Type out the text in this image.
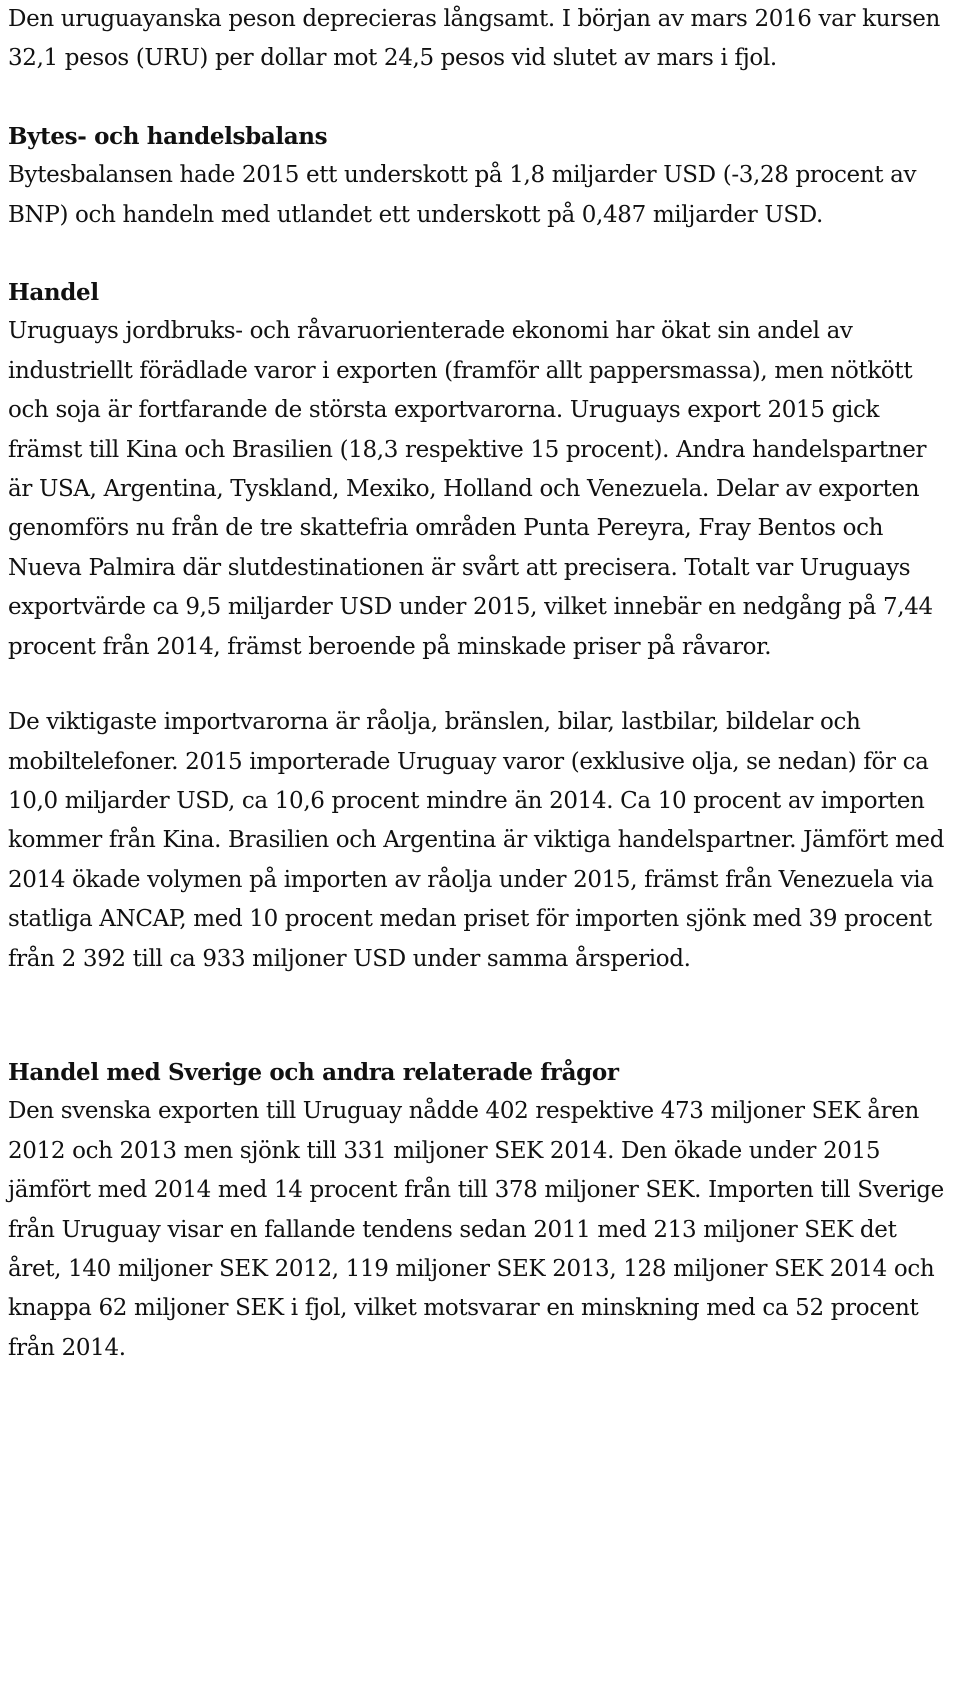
Den uruguayanska peson deprecieras långsamt. I början av mars 2016 var kursen 32,1 pesos (URU) per dollar mot 24,5 pesos vid slutet av mars i fjol.

Bytes- och handelsbalans

Bytesbalansen hade 2015 ett underskott på 1,8 miljarder USD (-3,28 procent av BNP) och handeln med utlandet ett underskott på 0,487 miljarder USD.

Handel

Uruguays jordbruks- och råvaruorienterade ekonomi har ökat sin andel av industriellt förädlade varor i exporten (framför allt pappersmassa), men nötkött och soja är fortfarande de största exportvarorna. Uruguays export 2015 gick främst till Kina och Brasilien (18,3 respektive 15 procent). Andra handelspartner är USA, Argentina, Tyskland, Mexiko, Holland och Venezuela. Delar av exporten genomförs nu från de tre skattefria områden Punta Pereyra, Fray Bentos och Nueva Palmira där slutdestinationen är svårt att precisera. Totalt var Uruguays exportvärde ca 9,5 miljarder USD under 2015, vilket innebär en nedgång på 7,44 procent från 2014, främst beroende på minskade priser på råvaror.

De viktigaste importvarorna är råolja, bränslen, bilar, lastbilar, bildelar och mobiltelefoner. 2015 importerade Uruguay varor (exklusive olja, se nedan) för ca 10,0 miljarder USD, ca 10,6 procent mindre än 2014. Ca 10 procent av importen kommer från Kina. Brasilien och Argentina är viktiga handelspartner. Jämfört med 2014 ökade volymen på importen av råolja under 2015, främst från Venezuela via statliga ANCAP, med 10 procent medan priset för importen sjönk med 39 procent från 2 392 till ca 933 miljoner USD under samma årsperiod.

Handel med Sverige och andra relaterade frågor

Den svenska exporten till Uruguay nådde 402 respektive 473 miljoner SEK åren 2012 och 2013 men sjönk till 331 miljoner SEK 2014. Den ökade under 2015 jämfört med 2014 med 14 procent från till 378 miljoner SEK. Importen till Sverige från Uruguay visar en fallande tendens sedan 2011 med 213 miljoner SEK det året, 140 miljoner SEK 2012, 119 miljoner SEK 2013, 128 miljoner SEK 2014 och knappa 62 miljoner SEK i fjol, vilket motsvarar en minskning med ca 52 procent från 2014.
